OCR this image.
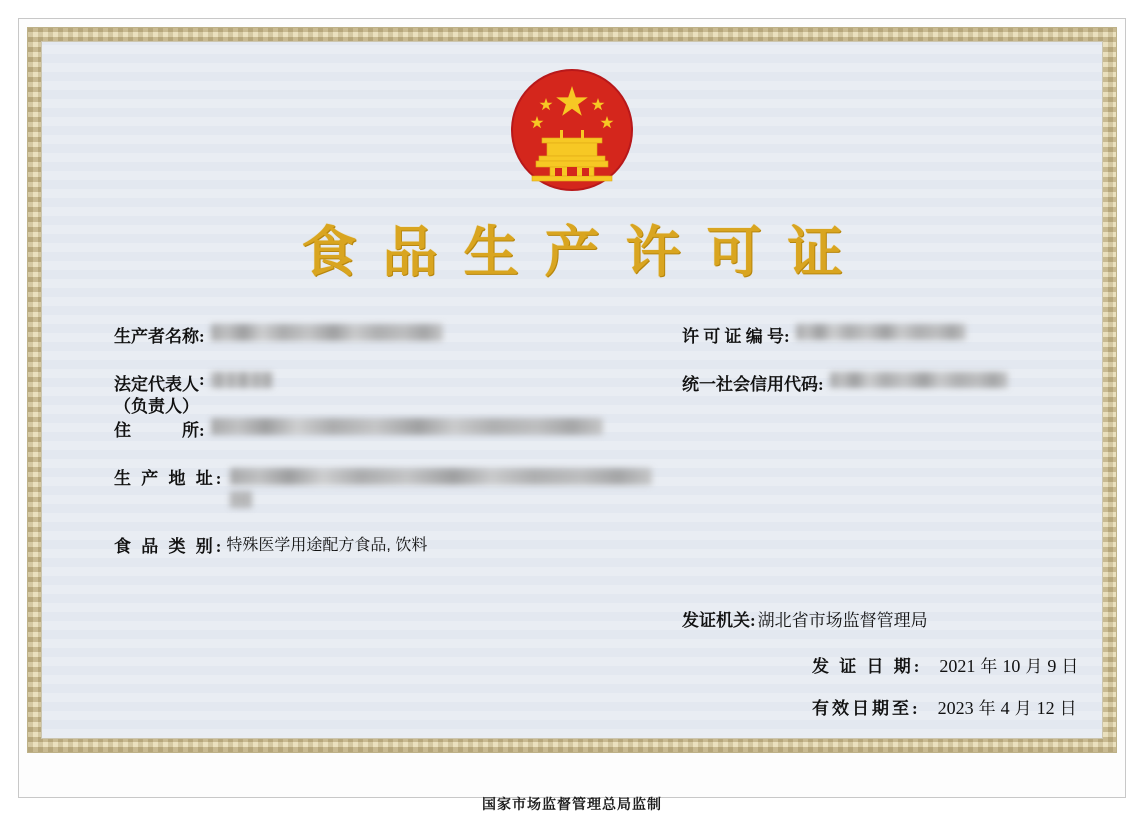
食品生产许可证
生产者名称:
法定代表人 :
（负责人）
住　　　所:
生 产 地 址:
食 品 类 别: 特殊医学用途配方食品, 饮料
许 可 证 编 号:
统一社会信用代码:
发证机关: 湖北省市场监督管理局
发 证 日 期: 2021 年 10 月 9 日
有效日期至: 2023 年 4 月 12 日
国家市场监督管理总局监制
